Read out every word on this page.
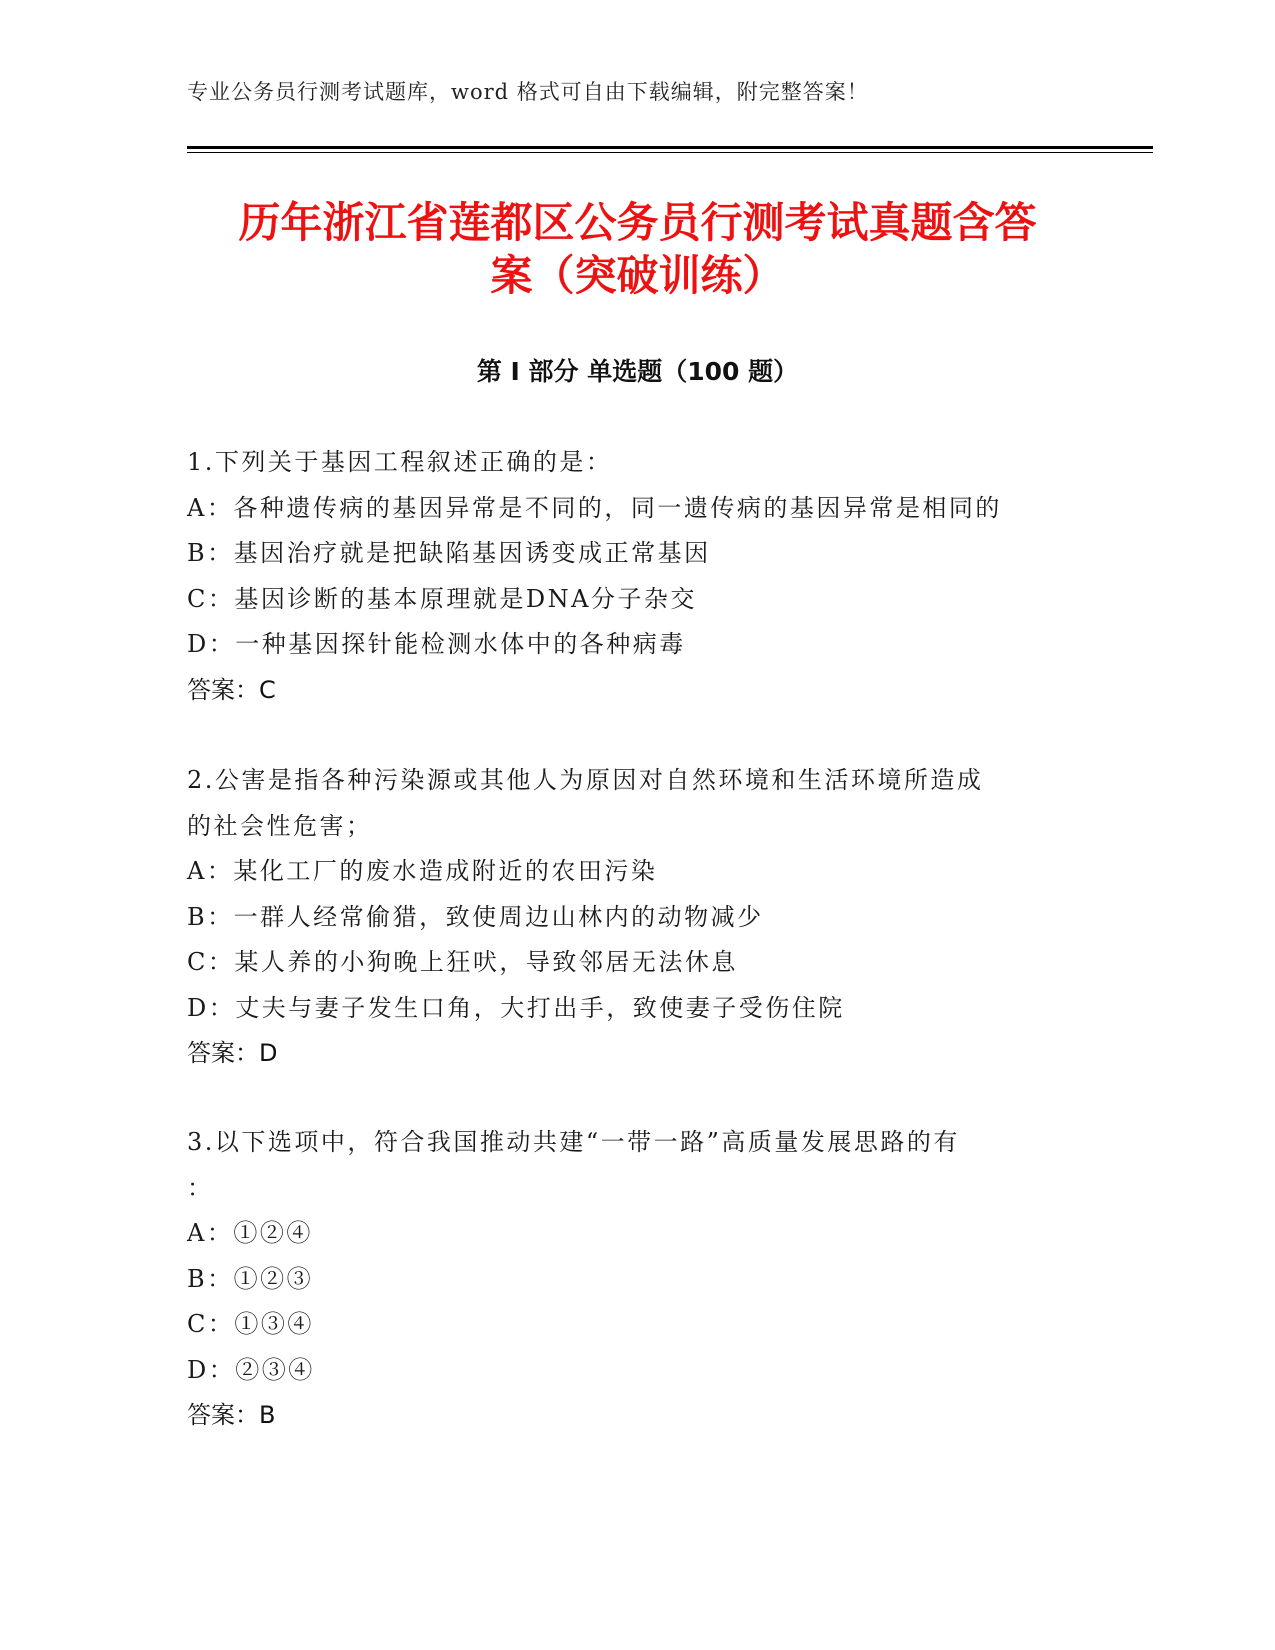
专业公务员行测考试题库，word 格式可自由下载编辑，附完整答案！
历年浙江省莲都区公务员行测考试真题含答
案（突破训练）
第 I 部分 单选题（100 题）
1.下列关于基因工程叙述正确的是：
A：各种遗传病的基因异常是不同的，同一遗传病的基因异常是相同的
B：基因治疗就是把缺陷基因诱变成正常基因
C：基因诊断的基本原理就是DNA分子杂交
D：一种基因探针能检测水体中的各种病毒
答案：C
2.公害是指各种污染源或其他人为原因对自然环境和生活环境所造成
的社会性危害；
A：某化工厂的废水造成附近的农田污染
B：一群人经常偷猎，致使周边山林内的动物减少
C：某人养的小狗晚上狂吠，导致邻居无法休息
D：丈夫与妻子发生口角，大打出手，致使妻子受伤住院
答案：D
3.以下选项中，符合我国推动共建“一带一路”高质量发展思路的有
：
A：①②④
B：①②③
C：①③④
D：②③④
答案：B
